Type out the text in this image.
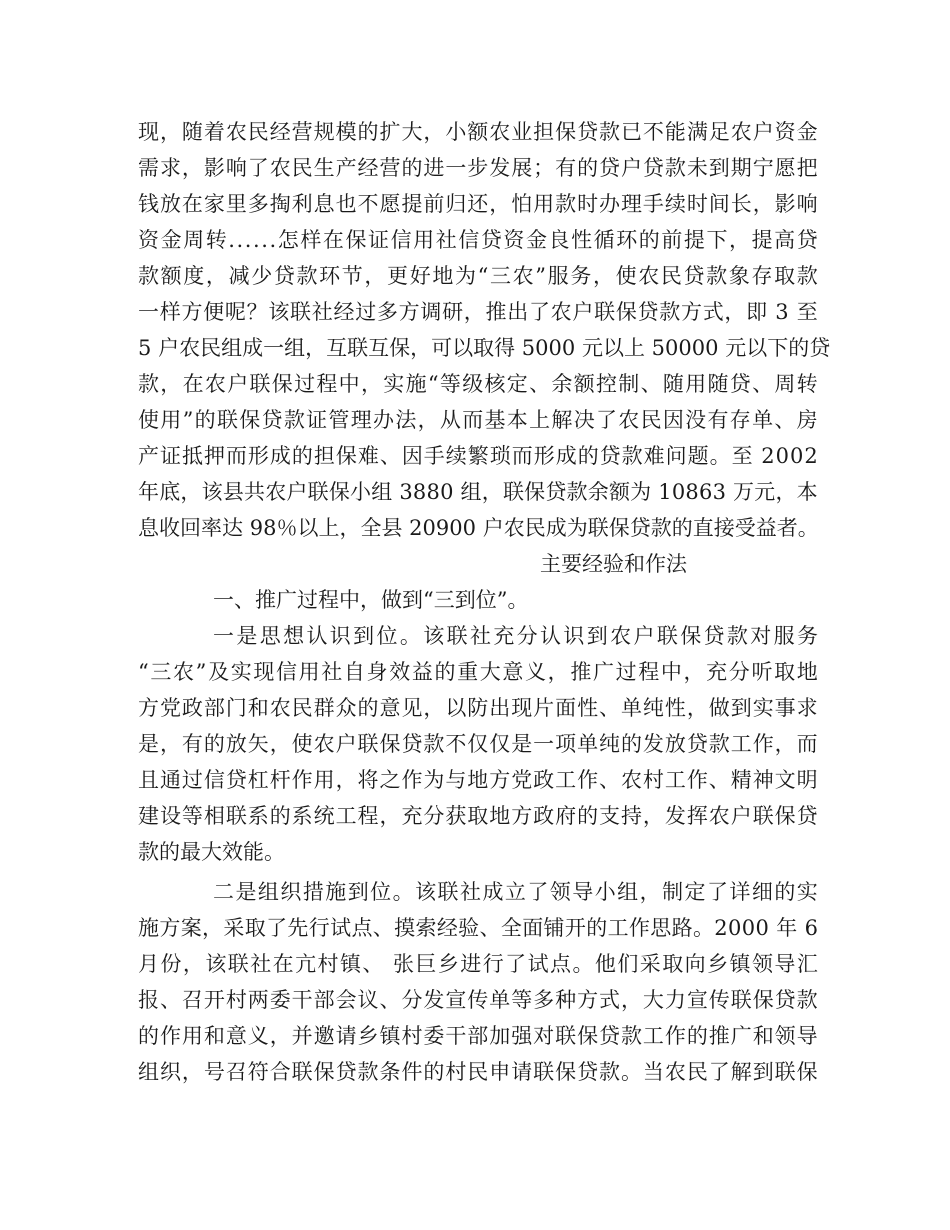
现 ， 随 着 农 民 经 营 规 模 的 扩 大 ， 小 额 农 业 担 保 贷 款 已 不 能 满 足 农 户 资 金
需 求 ， 影 响 了 农 民 生 产 经 营 的 进 一 步 发 展 ； 有 的 贷 户 贷 款 未 到 期 宁 愿 把
钱 放 在 家 里 多 掏 利 息 也 不 愿 提 前 归 还 ， 怕 用 款 时 办 理 手 续 时 间 长 ， 影 响
资 金 周 转 . . . . . . 怎 样 在 保 证 信 用 社 信 贷 资 金 良 性 循 环 的 前 提 下 ， 提 高 贷
款 额 度 ， 减 少 贷 款 环 节 ， 更 好 地 为 “ 三 农 ” 服 务 ， 使 农 民 贷 款 象 存 取 款
一 样 方 便 呢 ？ 该 联 社 经 过 多 方 调 研 ， 推 出 了 农 户 联 保 贷 款 方 式 ， 即
3
至
5
户 农 民 组 成 一 组 ， 互 联 互 保 ， 可 以 取 得
5 0 0 0
元 以 上
5 0 0 0 0
元 以 下 的 贷
款 ， 在 农 户 联 保 过 程 中 ， 实 施 “ 等 级 核 定 、 余 额 控 制 、 随 用 随 贷 、 周 转
使 用 ” 的 联 保 贷 款 证 管 理 办 法 ， 从 而 基 本 上 解 决 了 农 民 因 没 有 存 单 、 房
产 证 抵 押 而 形 成 的 担 保 难 、 因 手 续 繁 琐 而 形 成 的 贷 款 难 问 题 。 至
2 0 0 2
年 底 ， 该 县 共 农 户 联 保 小 组
3 8 8 0
组 ， 联 保 贷 款 余 额 为
1 0 8 6 3
万 元 ， 本
息 收 回 率 达
9 8 ％ 以 上 ， 全 县
2 0 9 0 0
户 农 民 成 为 联 保 贷 款 的 直 接 受 益 者 。
主要经验和作法
一、推广过程中，做到“三到位”。
一 是 思 想 认 识 到 位 。 该 联 社 充 分 认 识 到 农 户 联 保 贷 款 对 服 务
“ 三 农 ” 及 实 现 信 用 社 自 身 效 益 的 重 大 意 义 ， 推 广 过 程 中 ， 充 分 听 取 地
方 党 政 部 门 和 农 民 群 众 的 意 见 ， 以 防 出 现 片 面 性 、 单 纯 性 ， 做 到 实 事 求
是 ， 有 的 放 矢 ， 使 农 户 联 保 贷 款 不 仅 仅 是 一 项 单 纯 的 发 放 贷 款 工 作 ， 而
且 通 过 信 贷 杠 杆 作 用 ， 将 之 作 为 与 地 方 党 政 工 作 、 农 村 工 作 、 精 神 文 明
建 设 等 相 联 系 的 系 统 工 程 ， 充 分 获 取 地 方 政 府 的 支 持 ， 发 挥 农 户 联 保 贷
款的最大效能。
二 是 组 织 措 施 到 位 。 该 联 社 成 立 了 领 导 小 组 ， 制 定 了 详 细 的 实
施 方 案 ， 采 取 了 先 行 试 点 、 摸 索 经 验 、 全 面 铺 开 的 工 作 思 路 。 2 0 0 0
年
6
月 份 ， 该 联 社 在 亢 村 镇 、
张 巨 乡 进 行 了 试 点 。 他 们 采 取 向 乡 镇 领 导 汇
报 、 召 开 村 两 委 干 部 会 议 、 分 发 宣 传 单 等 多 种 方 式 ， 大 力 宣 传 联 保 贷 款
的 作 用 和 意 义 ， 并 邀 请 乡 镇 村 委 干 部 加 强 对 联 保 贷 款 工 作 的 推 广 和 领 导
组 织 ， 号 召 符 合 联 保 贷 款 条 件 的 村 民 申 请 联 保 贷 款 。 当 农 民 了 解 到 联 保
